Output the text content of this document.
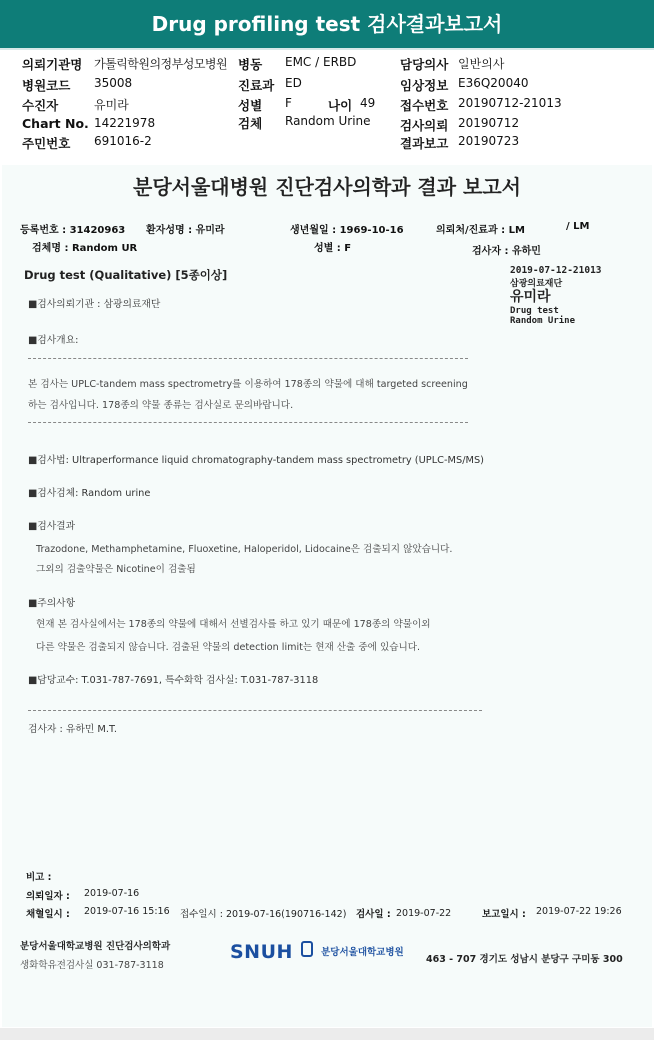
Drug profiling test 검사결과보고서
의뢰기관명 가톨릭학원의정부성모병원 병동 EMC / ERBD	담당의사 일반의사
병원코드 35008	진료과 ED	임상정보 E36Q20040
수진자	유미라	성별 F	나이 49 접수번호 20190712-21013
Chart No. 14221978	검체 Random Urine 검사의뢰 20190712
주민번호 691016-2	결과보고 20190723
분당서울대병원 진단검사의학과 결과 보고서
등록번호 : 31420963 환자성명 : 유미라	생년월일 : 1969-10-16	의뢰처/진료과 : LM	/ LM
검체명 : Random UR	성별 : F	검사자 : 유하민
Drug test (Qualitative) [5종이상]	2019-07-12-21013
삼광의료재단
유미라
Drug test
Random Urine
■검사의뢰기관 : 삼광의료재단
■검사개요:
본 검사는 UPLC-tandem mass spectrometry를 이용하여 178종의 약물에 대해 targeted screening
하는 검사입니다. 178종의 약물 종류는 검사실로 문의바랍니다.
■검사법: Ultraperformance liquid chromatography-tandem mass spectrometry (UPLC-MS/MS)
■검사검체: Random urine
■검사결과
Trazodone, Methamphetamine, Fluoxetine, Haloperidol, Lidocaine은 검출되지 않았습니다.
그외의 검출약물은 Nicotine이 검출됨
■주의사항
현재 본 검사실에서는 178종의 약물에 대해서 선별검사를 하고 있기 때문에 178종의 약물이외
다른 약물은 검출되지 않습니다. 검출된 약물의 detection limit는 현재 산출 중에 있습니다.
■담당교수: T.031-787-7691, 특수화학 검사실: T.031-787-3118
검사자 : 유하민 M.T.
비고 :
의뢰일자 : 2019-07-16
채혈일시 : 2019-07-16 15:16 접수일시 : 2019-07-16(190716-142) 검사일 : 2019-07-22	보고일시 : 2019-07-22 19:26
분당서울대학교병원 진단검사의학과
생화학유전검사실 031-787-3118
SNUH	분당서울대학교병원
463 - 707 경기도 성남시 분당구 구미동 300
